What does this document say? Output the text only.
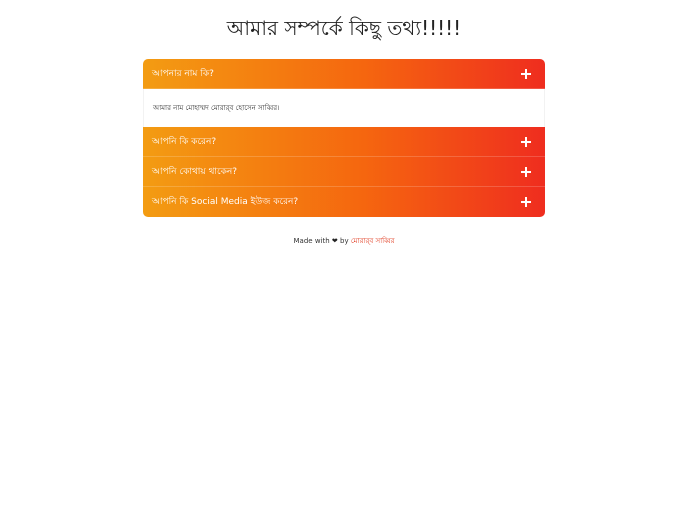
আমার সম্পর্কে কিছু তথ্য!!!!!
আপনার নাম কি?
আমার নাম মোহাম্মদ মোরার্‌ব হোসেন সাব্বির।
আপনি কি করেন?
আপনি কোথায় থাকেন?
আপনি কি Social Media ইউজ করেন?
Made with ❤ by মোরার্‌ব সাব্বির
